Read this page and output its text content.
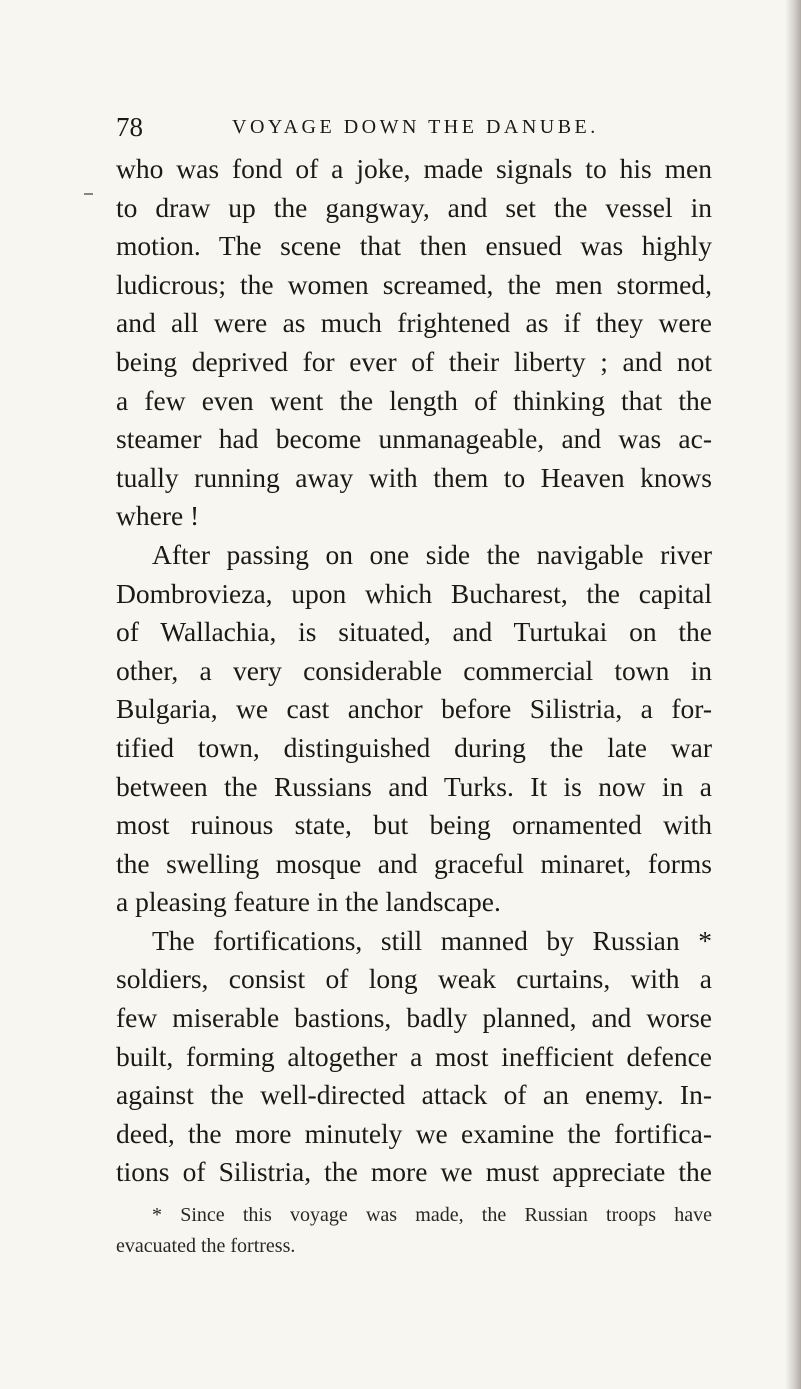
78	VOYAGE DOWN THE DANUBE.
who was fond of a joke, made signals to his men
to draw up the gangway, and set the vessel in
motion. The scene that then ensued was highly
ludicrous; the women screamed, the men stormed,
and all were as much frightened as if they were
being deprived for ever of their liberty ; and not
a few even went the length of thinking that the
steamer had become unmanageable, and was ac-
tually running away with them to Heaven knows
where !
After passing on one side the navigable river
Dombrovieza, upon which Bucharest, the capital
of Wallachia, is situated, and Turtukai on the
other, a very considerable commercial town in
Bulgaria, we cast anchor before Silistria, a for-
tified town, distinguished during the late war
between the Russians and Turks. It is now in a
most ruinous state, but being ornamented with
the swelling mosque and graceful minaret, forms
a pleasing feature in the landscape.
The fortifications, still manned by Russian *
soldiers, consist of long weak curtains, with a
few miserable bastions, badly planned, and worse
built, forming altogether a most inefficient defence
against the well-directed attack of an enemy. In-
deed, the more minutely we examine the fortifica-
tions of Silistria, the more we must appreciate the
* Since this voyage was made, the Russian troops have
evacuated the fortress.
